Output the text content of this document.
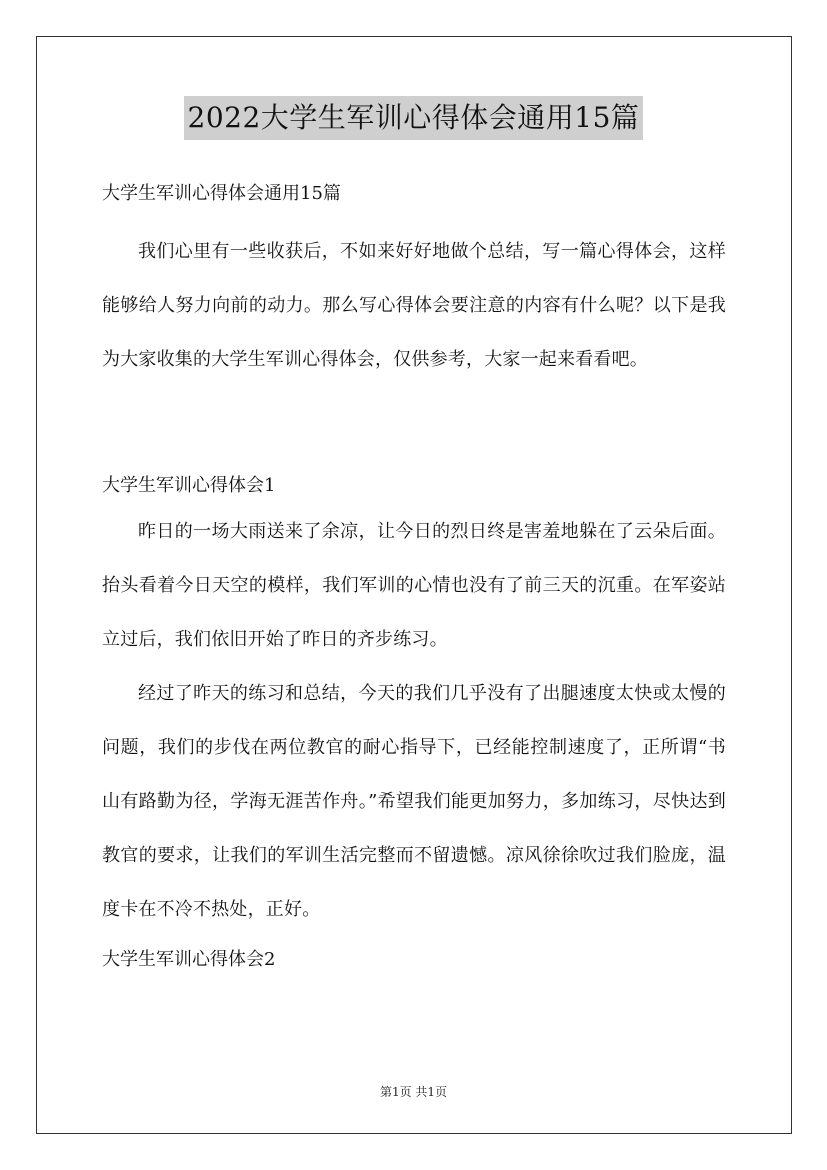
2022大学生军训心得体会通用15篇

大学生军训心得体会通用15篇

我们心里有一些收获后，不如来好好地做个总结，写一篇心得体会，这样能够给人努力向前的动力。那么写心得体会要注意的内容有什么呢？以下是我为大家收集的大学生军训心得体会，仅供参考，大家一起来看看吧。

大学生军训心得体会1

昨日的一场大雨送来了余凉，让今日的烈日终是害羞地躲在了云朵后面。抬头看着今日天空的模样，我们军训的心情也没有了前三天的沉重。在军姿站立过后，我们依旧开始了昨日的齐步练习。

经过了昨天的练习和总结，今天的我们几乎没有了出腿速度太快或太慢的问题，我们的步伐在两位教官的耐心指导下，已经能控制速度了，正所谓“书山有路勤为径，学海无涯苦作舟。”希望我们能更加努力，多加练习，尽快达到教官的要求，让我们的军训生活完整而不留遗憾。凉风徐徐吹过我们脸庞，温度卡在不冷不热处，正好。

大学生军训心得体会2

第1页 共1页
